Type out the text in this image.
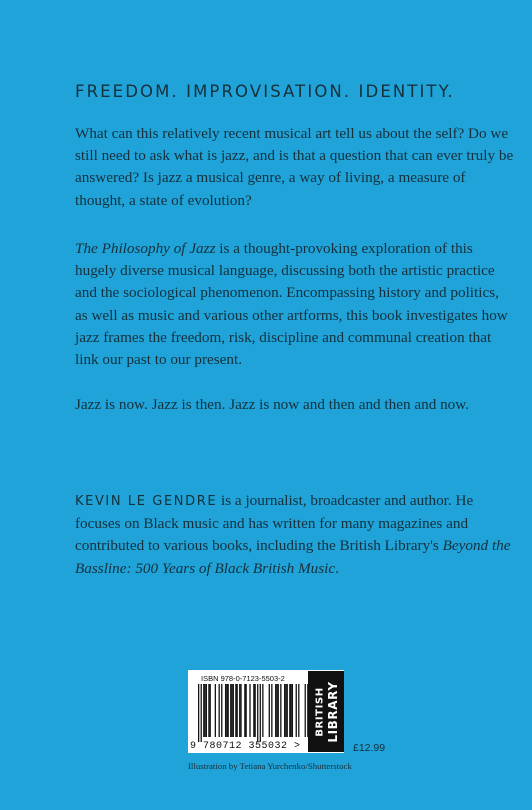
FREEDOM. IMPROVISATION. IDENTITY.

What can this relatively recent musical art tell us about the self? Do we still need to ask what is jazz, and is that a question that can ever truly be answered? Is jazz a musical genre, a way of living, a measure of thought, a state of evolution?

The Philosophy of Jazz is a thought-provoking exploration of this hugely diverse musical language, discussing both the artistic practice and the sociological phenomenon. Encompassing history and politics, as well as music and various other artforms, this book investigates how jazz frames the freedom, risk, discipline and communal creation that link our past to our present.

Jazz is now. Jazz is then. Jazz is now and then and then and now.

KEVIN LE GENDRE is a journalist, broadcaster and author. He focuses on Black music and has written for many magazines and contributed to various books, including the British Library's Beyond the Bassline: 500 Years of Black British Music.

ISBN 978-0-7123-5503-2
9 780712 355032 >
BRITISH LIBRARY
£12.99
Illustration by Tetiana Yurchenko/Shutterstock
